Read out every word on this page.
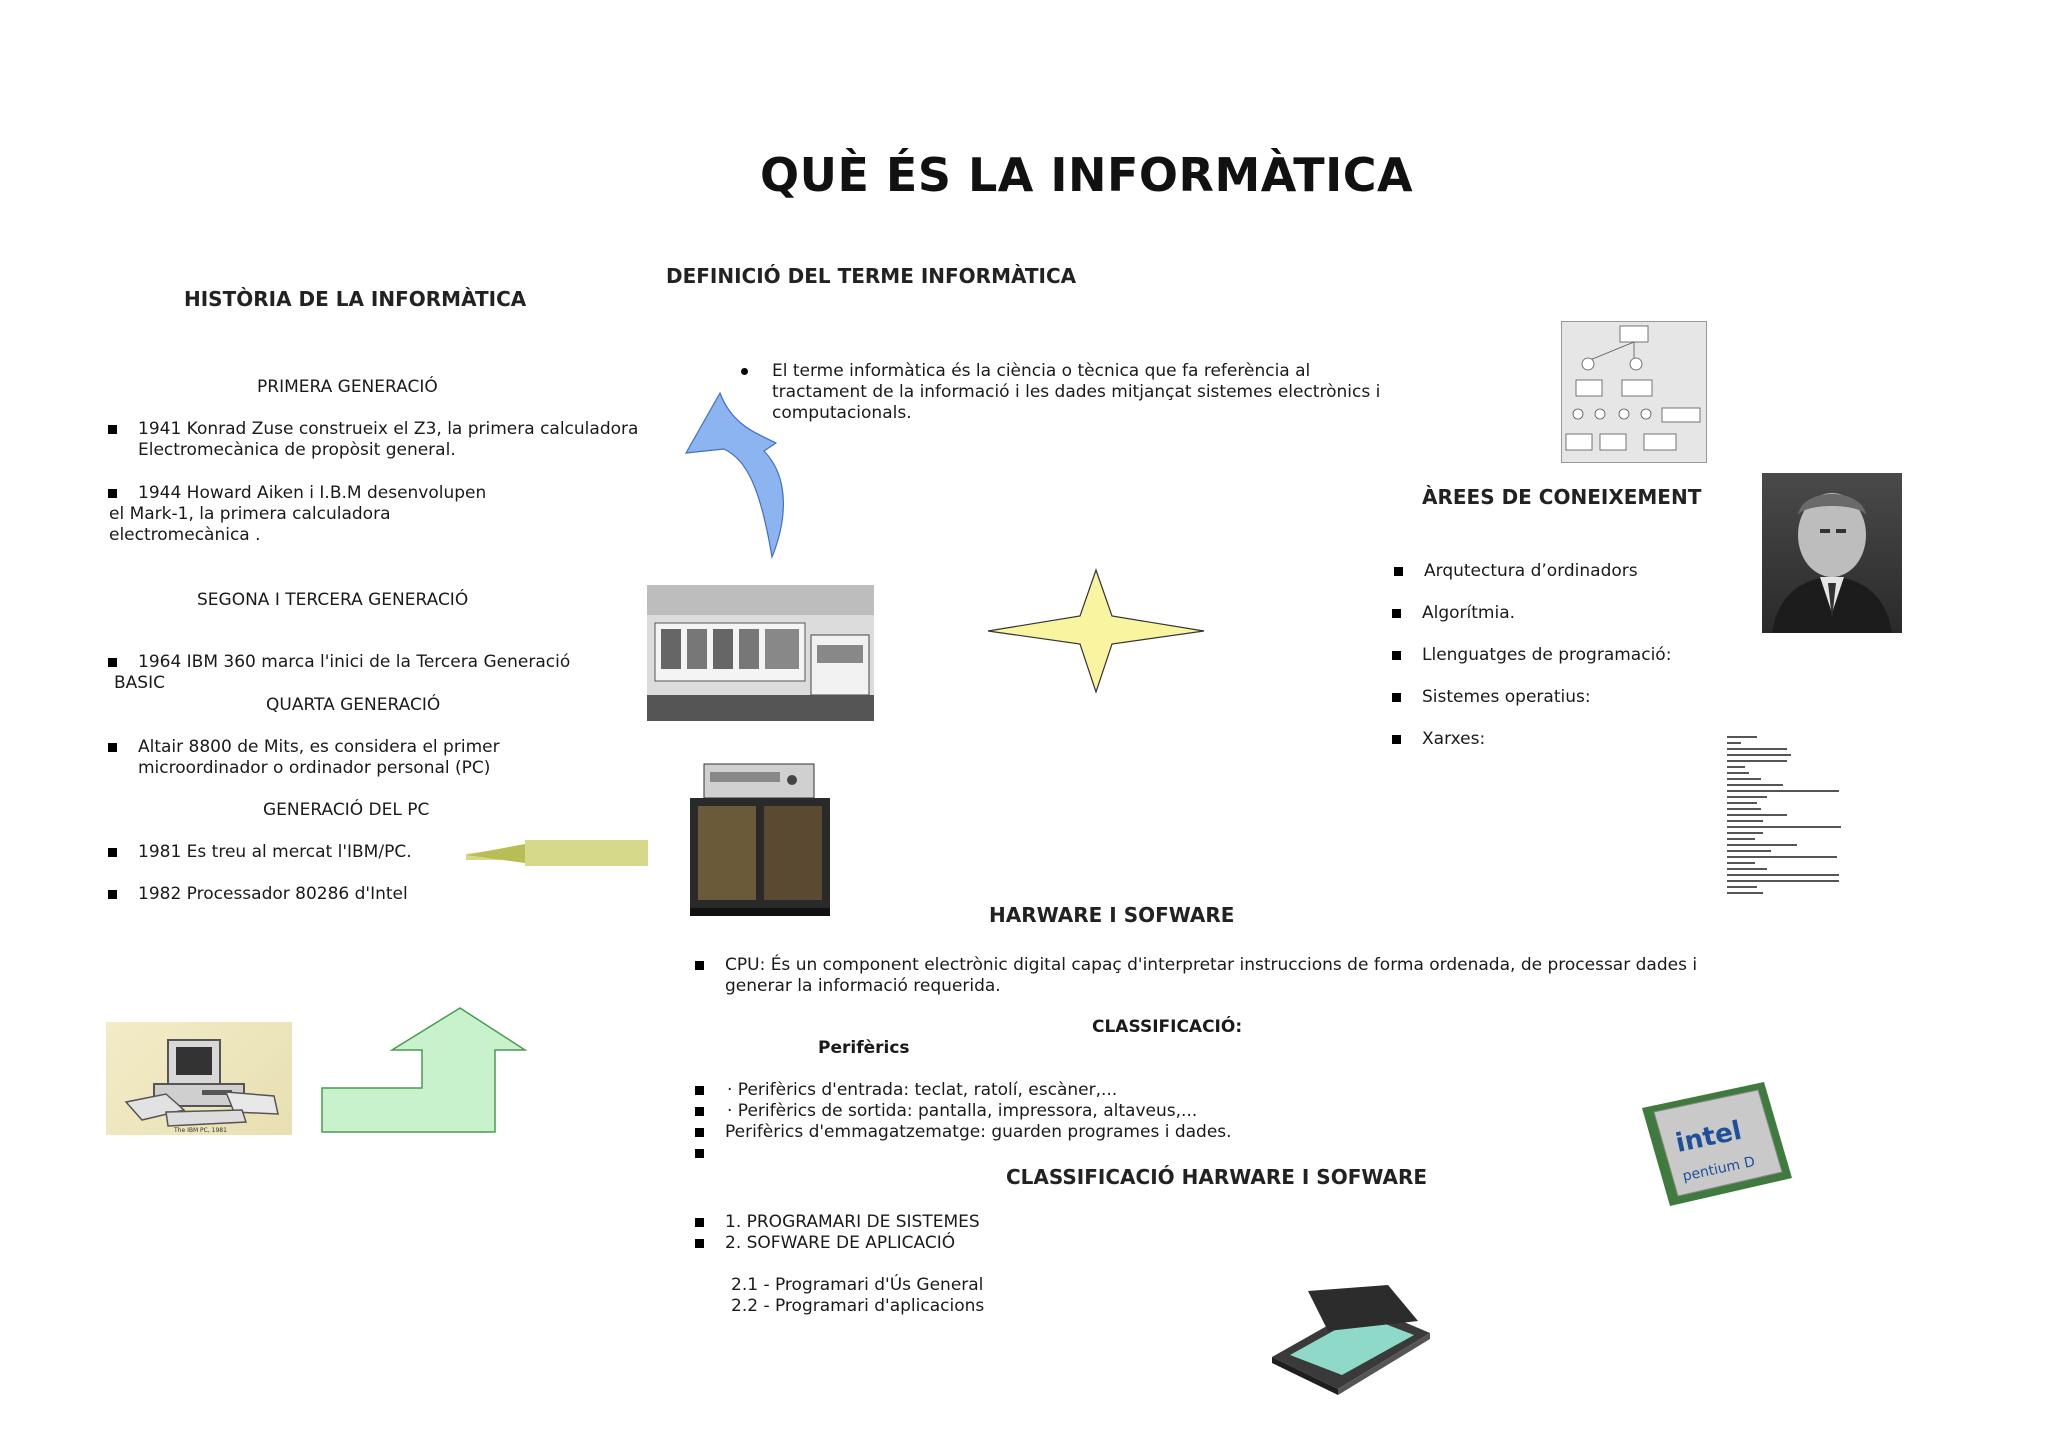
QUÈ ÉS LA INFORMÀTICA
HISTÒRIA DE LA INFORMÀTICA
PRIMERA GENERACIÓ
1941 Konrad Zuse construeix el Z3, la primera calculadora
Electromecànica de propòsit general.
1944 Howard Aiken i I.B.M desenvolupen
el Mark-1, la primera calculadora
electromecànica .
SEGONA I TERCERA GENERACIÓ
1964 IBM 360 marca l'inici de la Tercera Generació
BASIC
QUARTA GENERACIÓ
Altair 8800 de Mits, es considera el primer
microordinador o ordinador personal (PC)
GENERACIÓ DEL PC
1981 Es treu al mercat l'IBM/PC.
1982 Processador 80286 d'Intel
The IBM PC, 1981
DEFINICIÓ DEL TERME INFORMÀTICA
El terme informàtica és la ciència o tècnica que fa referència al
tractament de la informació i les dades mitjançat sistemes electrònics i
computacionals.
HARWARE I SOFWARE
CPU: És un component electrònic digital capaç d'interpretar instruccions de forma ordenada, de processar dades i
generar la informació requerida.
CLASSIFICACIÓ:
Perifèrics
· Perifèrics d'entrada: teclat, ratolí, escàner,...
· Perifèrics de sortida: pantalla, impressora, altaveus,...
Perifèrics d'emmagatzematge: guarden programes i dades.
CLASSIFICACIÓ HARWARE I SOFWARE
1. PROGRAMARI DE SISTEMES
2. SOFWARE DE APLICACIÓ
2.1 - Programari d'Ús General
2.2 - Programari d'aplicacions
ÀREES DE CONEIXEMENT
Arqutectura d’ordinadors
Algorítmia.
Llenguatges de programació:
Sistemes operatius:
Xarxes:
intel
pentium D
